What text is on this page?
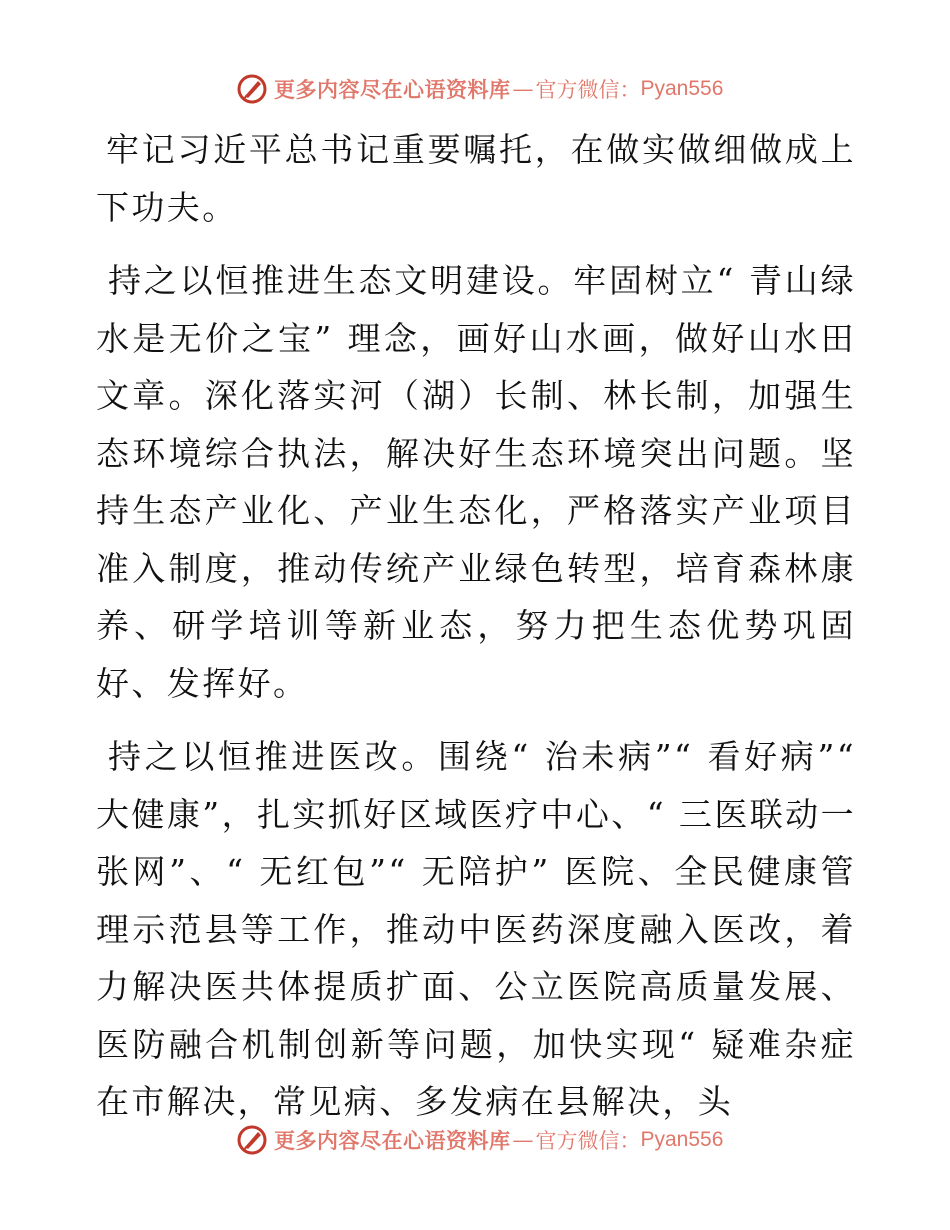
更多内容尽在心语资料库 — 官方微信： Pyan556

牢记习近平总书记重要嘱托，在做实做细做成上下功夫。

持之以恒推进生态文明建设。牢固树立“ 青山绿水是无价之宝” 理念，画好山水画，做好山水田文章。深化落实河（湖）长制、林长制，加强生态环境综合执法，解决好生态环境突出问题。坚持生态产业化、产业生态化，严格落实产业项目准入制度，推动传统产业绿色转型，培育森林康养、研学培训等新业态，努力把生态优势巩固好、发挥好。

持之以恒推进医改。围绕“ 治未病”“ 看好病”“ 大健康”，扎实抓好区域医疗中心、“ 三医联动一张网”、“ 无红包”“ 无陪护” 医院、全民健康管理示范县等工作，推动中医药深度融入医改，着力解决医共体提质扩面、公立医院高质量发展、医防融合机制创新等问题，加快实现“ 疑难杂症在市解决，常见病、多发病在县解决，头

更多内容尽在心语资料库 — 官方微信： Pyan556
